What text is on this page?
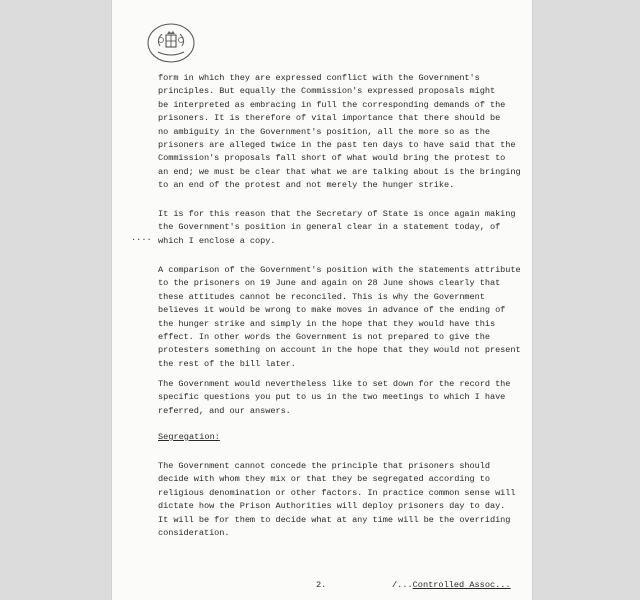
form in which they are expressed conflict with the Government's
principles. But equally the Commission's expressed proposals might
be interpreted as embracing in full the corresponding demands of the
prisoners. It is therefore of vital importance that there should be
no ambiguity in the Government's position, all the more so as the
prisoners are alleged twice in the past ten days to have said that the
Commission's proposals fall short of what would bring the protest to
an end; we must be clear that what we are talking about is the bringing
to an end of the protest and not merely the hunger strike.
It is for this reason that the Secretary of State is once again making
the Government's position in general clear in a statement today, of
which I enclose a copy.
....
A comparison of the Government's position with the statements attribute
to the prisoners on 19 June and again on 28 June shows clearly that
these attitudes cannot be reconciled. This is why the Government
believes it would be wrong to make moves in advance of the ending of
the hunger strike and simply in the hope that they would have this
effect. In other words the Government is not prepared to give the
protesters something on account in the hope that they would not present
the rest of the bill later.
The Government would nevertheless like to set down for the record the
specific questions you put to us in the two meetings to which I have
referred, and our answers.
Segregation:
The Government cannot concede the principle that prisoners should
decide with whom they mix or that they be segregated according to
religious denomination or other factors. In practice common sense will
dictate how the Prison Authorities will deploy prisoners day to day.
It will be for them to decide what at any time will be the overriding
consideration.
2.	/...Controlled Assoc...
